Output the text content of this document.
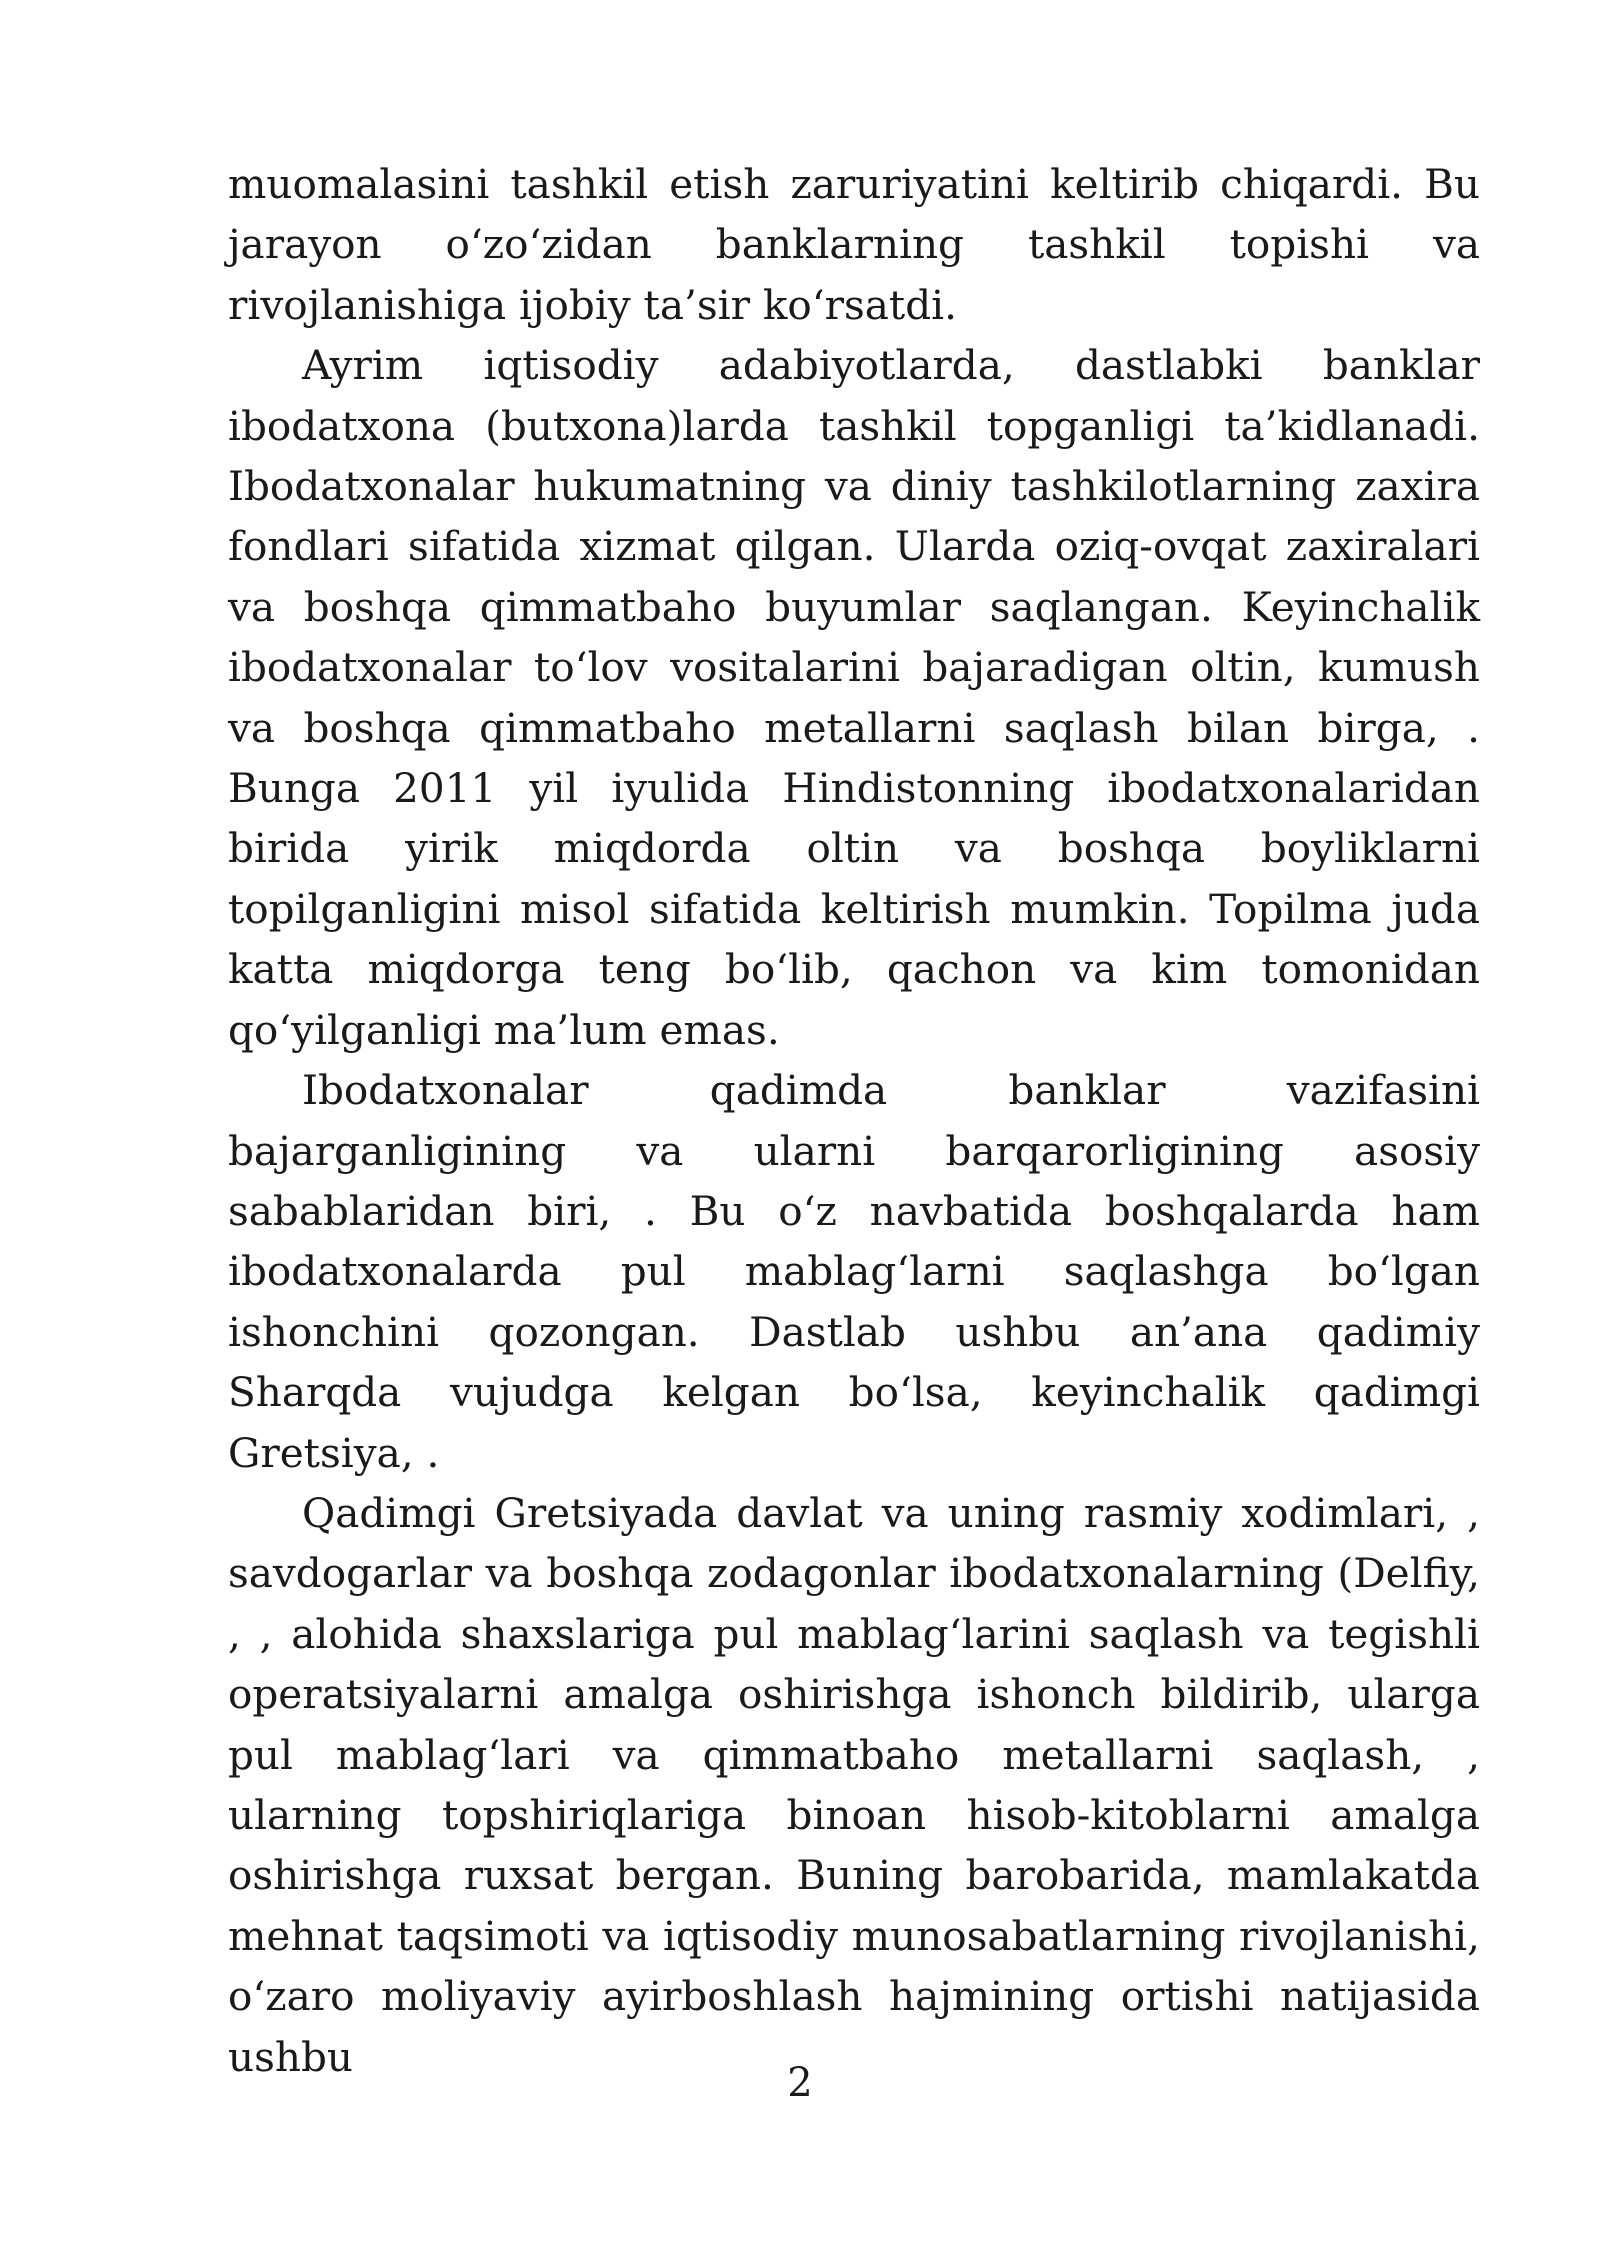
muomalasini tashkil etish zaruriyatini keltirib chiqardi. Bu jarayon o‘zo‘zidan banklarning tashkil topishi va rivojlanishiga ijobiy ta’sir ko‘rsatdi.

Ayrim iqtisodiy adabiyotlarda, dastlabki banklar ibodatxona (butxona)larda tashkil topganligi ta’kidlanadi. Ibodatxonalar hukumatning va diniy tashkilotlarning zaxira fondlari sifatida xizmat qilgan. Ularda oziq-ovqat zaxiralari va boshqa qimmatbaho buyumlar saqlangan. Keyinchalik ibodatxonalar to‘lov vositalarini bajaradigan oltin, kumush va boshqa qimmatbaho metallarni saqlash bilan birga, . Bunga 2011 yil iyulida Hindistonning ibodatxonalaridan birida yirik miqdorda oltin va boshqa boyliklarni topilganligini misol sifatida keltirish mumkin. Topilma juda katta miqdorga teng bo‘lib, qachon va kim tomonidan qo‘yilganligi ma’lum emas.

Ibodatxonalar qadimda banklar vazifasini bajarganligining va ularni barqarorligining asosiy sabablaridan biri, . Bu o‘z navbatida boshqalarda ham ibodatxonalarda pul mablag‘larni saqlashga bo‘lgan ishonchini qozongan. Dastlab ushbu an’ana qadimiy Sharqda vujudga kelgan bo‘lsa, keyinchalik qadimgi Gretsiya, .

Qadimgi Gretsiyada davlat va uning rasmiy xodimlari, , savdogarlar va boshqa zodagonlar ibodatxonalarning (Delfiy, , , alohida shaxslariga pul mablag‘larini saqlash va tegishli operatsiyalarni amalga oshirishga ishonch bildirib, ularga pul mablag‘lari va qimmatbaho metallarni saqlash, , ularning topshiriqlariga binoan hisob-kitoblarni amalga oshirishga ruxsat bergan. Buning barobarida, mamlakatda mehnat taqsimoti va iqtisodiy munosabatlarning rivojlanishi, o‘zaro moliyaviy ayirboshlash hajmining ortishi natijasida ushbu

2
